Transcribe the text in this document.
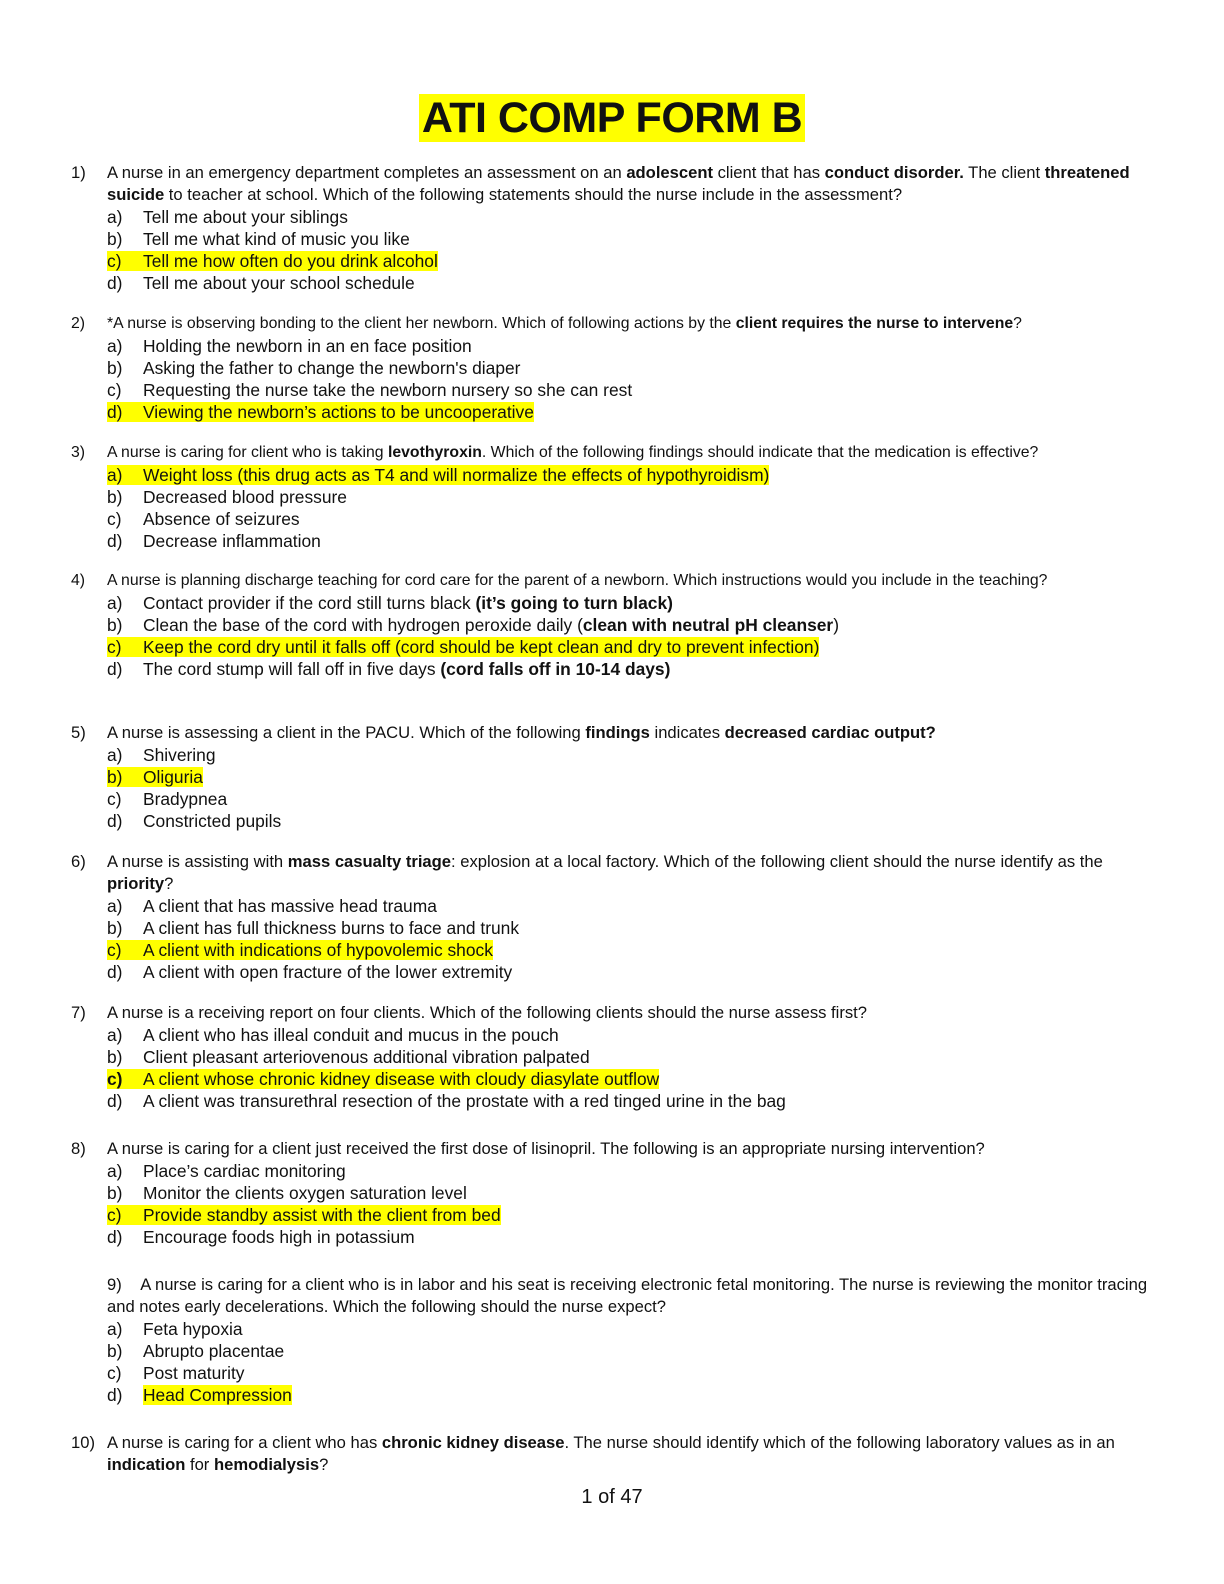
ATI COMP FORM B
1) A nurse in an emergency department completes an assessment on an adolescent client that has conduct disorder. The client threatened suicide to teacher at school. Which of the following statements should the nurse include in the assessment?
a) Tell me about your siblings
b) Tell me what kind of music you like
c) Tell me how often do you drink alcohol
d) Tell me about your school schedule
2) *A nurse is observing bonding to the client her newborn. Which of following actions by the client requires the nurse to intervene?
a) Holding the newborn in an en face position
b) Asking the father to change the newborn's diaper
c) Requesting the nurse take the newborn nursery so she can rest
d) Viewing the newborn’s actions to be uncooperative
3) A nurse is caring for client who is taking levothyroxin. Which of the following findings should indicate that the medication is effective?
a) Weight loss (this drug acts as T4 and will normalize the effects of hypothyroidism)
b) Decreased blood pressure
c) Absence of seizures
d) Decrease inflammation
4) A nurse is planning discharge teaching for cord care for the parent of a newborn. Which instructions would you include in the teaching?
a) Contact provider if the cord still turns black (it’s going to turn black)
b) Clean the base of the cord with hydrogen peroxide daily (clean with neutral pH cleanser)
c) Keep the cord dry until it falls off (cord should be kept clean and dry to prevent infection)
d) The cord stump will fall off in five days (cord falls off in 10-14 days)
5) A nurse is assessing a client in the PACU. Which of the following findings indicates decreased cardiac output?
a) Shivering
b) Oliguria
c) Bradypnea
d) Constricted pupils
6) A nurse is assisting with mass casualty triage: explosion at a local factory. Which of the following client should the nurse identify as the priority?
a) A client that has massive head trauma
b) A client has full thickness burns to face and trunk
c) A client with indications of hypovolemic shock
d) A client with open fracture of the lower extremity
7) A nurse is a receiving report on four clients. Which of the following clients should the nurse assess first?
a) A client who has illeal conduit and mucus in the pouch
b) Client pleasant arteriovenous additional vibration palpated
c) A client whose chronic kidney disease with cloudy diasylate outflow
d) A client was transurethral resection of the prostate with a red tinged urine in the bag
8) A nurse is caring for a client just received the first dose of lisinopril. The following is an appropriate nursing intervention?
a) Place’s cardiac monitoring
b) Monitor the clients oxygen saturation level
c) Provide standby assist with the client from bed
d) Encourage foods high in potassium
9)    A nurse is caring for a client who is in labor and his seat is receiving electronic fetal monitoring. The nurse is reviewing the monitor tracing and notes early decelerations. Which the following should the nurse expect?
a) Feta hypoxia
b) Abrupto placentae
c) Post maturity
d) Head Compression
10) A nurse is caring for a client who has chronic kidney disease. The nurse should identify which of the following laboratory values as in an indication for hemodialysis?
1 of 47
